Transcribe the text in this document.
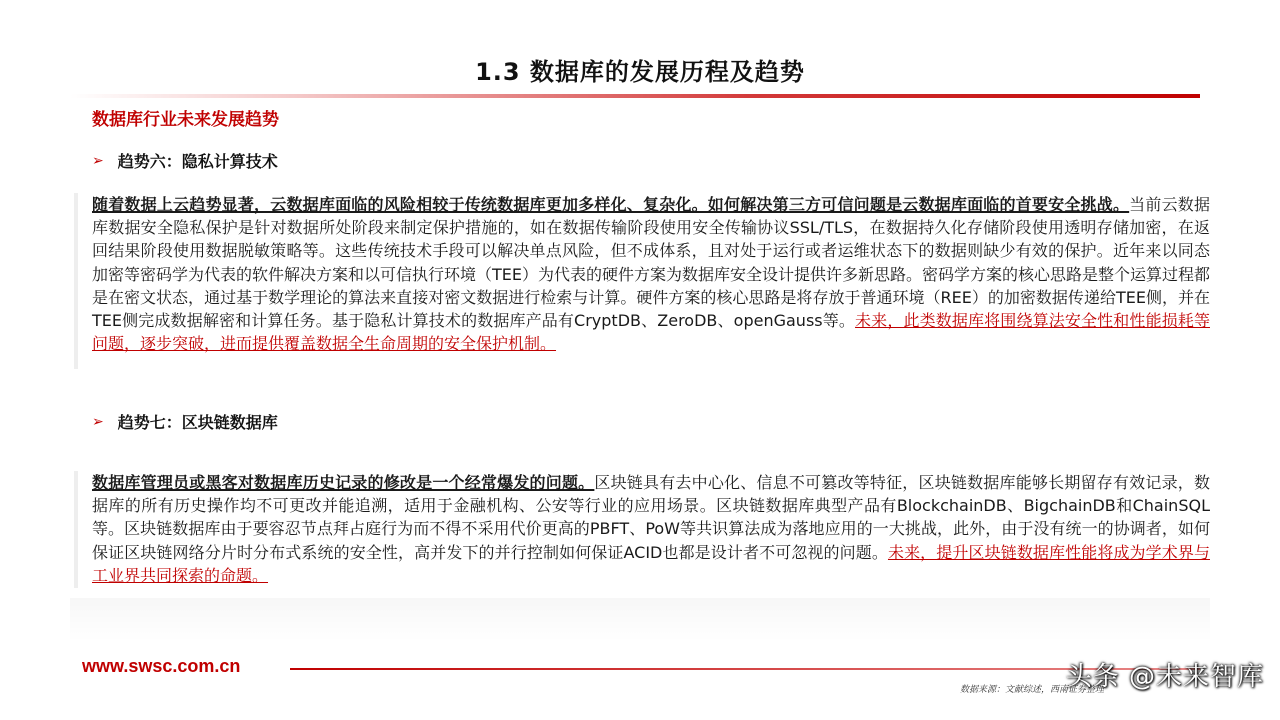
1.3 数据库的发展历程及趋势
数据库行业未来发展趋势
➢ 趋势六：隐私计算技术
随着数据上云趋势显著，云数据库面临的风险相较于传统数据库更加多样化、复杂化。如何解决第三方可信问题是云数据库面临的首要安全挑战。当前云数据库数据安全隐私保护是针对数据所处阶段来制定保护措施的，如在数据传输阶段使用安全传输协议SSL/TLS，在数据持久化存储阶段使用透明存储加密，在返回结果阶段使用数据脱敏策略等。这些传统技术手段可以解决单点风险，但不成体系，且对处于运行或者运维状态下的数据则缺少有效的保护。近年来以同态加密等密码学为代表的软件解决方案和以可信执行环境（TEE）为代表的硬件方案为数据库安全设计提供许多新思路。密码学方案的核心思路是整个运算过程都是在密文状态，通过基于数学理论的算法来直接对密文数据进行检索与计算。硬件方案的核心思路是将存放于普通环境（REE）的加密数据传递给TEE侧，并在TEE侧完成数据解密和计算任务。基于隐私计算技术的数据库产品有CryptDB、ZeroDB、openGauss等。未来，此类数据库将围绕算法安全性和性能损耗等问题，逐步突破，进而提供覆盖数据全生命周期的安全保护机制。
➢ 趋势七：区块链数据库
数据库管理员或黑客对数据库历史记录的修改是一个经常爆发的问题。区块链具有去中心化、信息不可篡改等特征，区块链数据库能够长期留存有效记录，数据库的所有历史操作均不可更改并能追溯，适用于金融机构、公安等行业的应用场景。区块链数据库典型产品有BlockchainDB、BigchainDB和ChainSQL等。区块链数据库由于要容忍节点拜占庭行为而不得不采用代价更高的PBFT、PoW等共识算法成为落地应用的一大挑战，此外，由于没有统一的协调者，如何保证区块链网络分片时分布式系统的安全性，高并发下的并行控制如何保证ACID也都是设计者不可忽视的问题。未来，提升区块链数据库性能将成为学术界与工业界共同探索的命题。
www.swsc.com.cn
数据来源：文献综述，西南证券整理
头条 @未来智库
